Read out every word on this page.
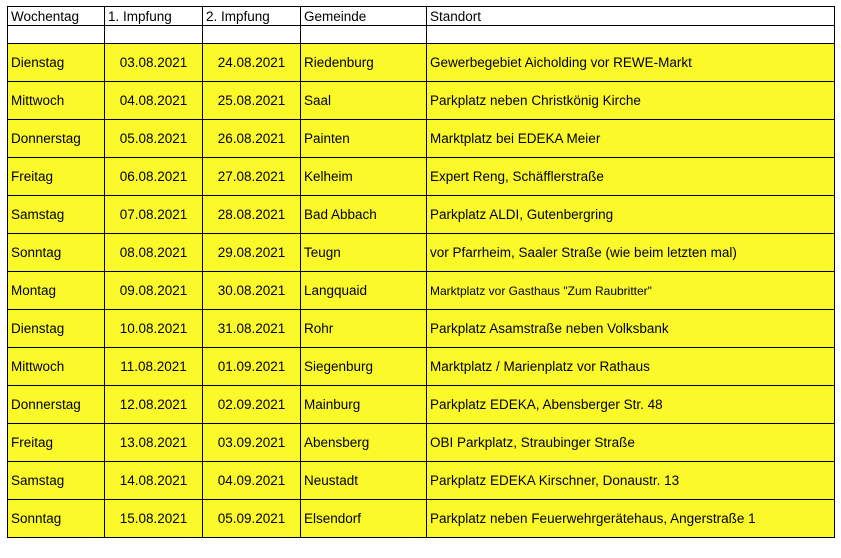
Wochentag	1. Impfung	2. Impfung	Gemeinde	Standort

Dienstag	03.08.2021	24.08.2021	Riedenburg	Gewerbegebiet Aicholding vor REWE-Markt
Mittwoch	04.08.2021	25.08.2021	Saal	Parkplatz neben Christkönig Kirche
Donnerstag	05.08.2021	26.08.2021	Painten	Marktplatz bei EDEKA Meier
Freitag	06.08.2021	27.08.2021	Kelheim	Expert Reng, Schäfflerstraße
Samstag	07.08.2021	28.08.2021	Bad Abbach	Parkplatz ALDI, Gutenbergring
Sonntag	08.08.2021	29.08.2021	Teugn	vor Pfarrheim, Saaler Straße (wie beim letzten mal)
Montag	09.08.2021	30.08.2021	Langquaid	Marktplatz vor Gasthaus "Zum Raubritter"
Dienstag	10.08.2021	31.08.2021	Rohr	Parkplatz Asamstraße neben Volksbank
Mittwoch	11.08.2021	01.09.2021	Siegenburg	Marktplatz / Marienplatz vor Rathaus
Donnerstag	12.08.2021	02.09.2021	Mainburg	Parkplatz EDEKA, Abensberger Str. 48
Freitag	13.08.2021	03.09.2021	Abensberg	OBI Parkplatz, Straubinger Straße
Samstag	14.08.2021	04.09.2021	Neustadt	Parkplatz EDEKA Kirschner, Donaustr. 13
Sonntag	15.08.2021	05.09.2021	Elsendorf	Parkplatz neben Feuerwehrgerätehaus, Angerstraße 1
